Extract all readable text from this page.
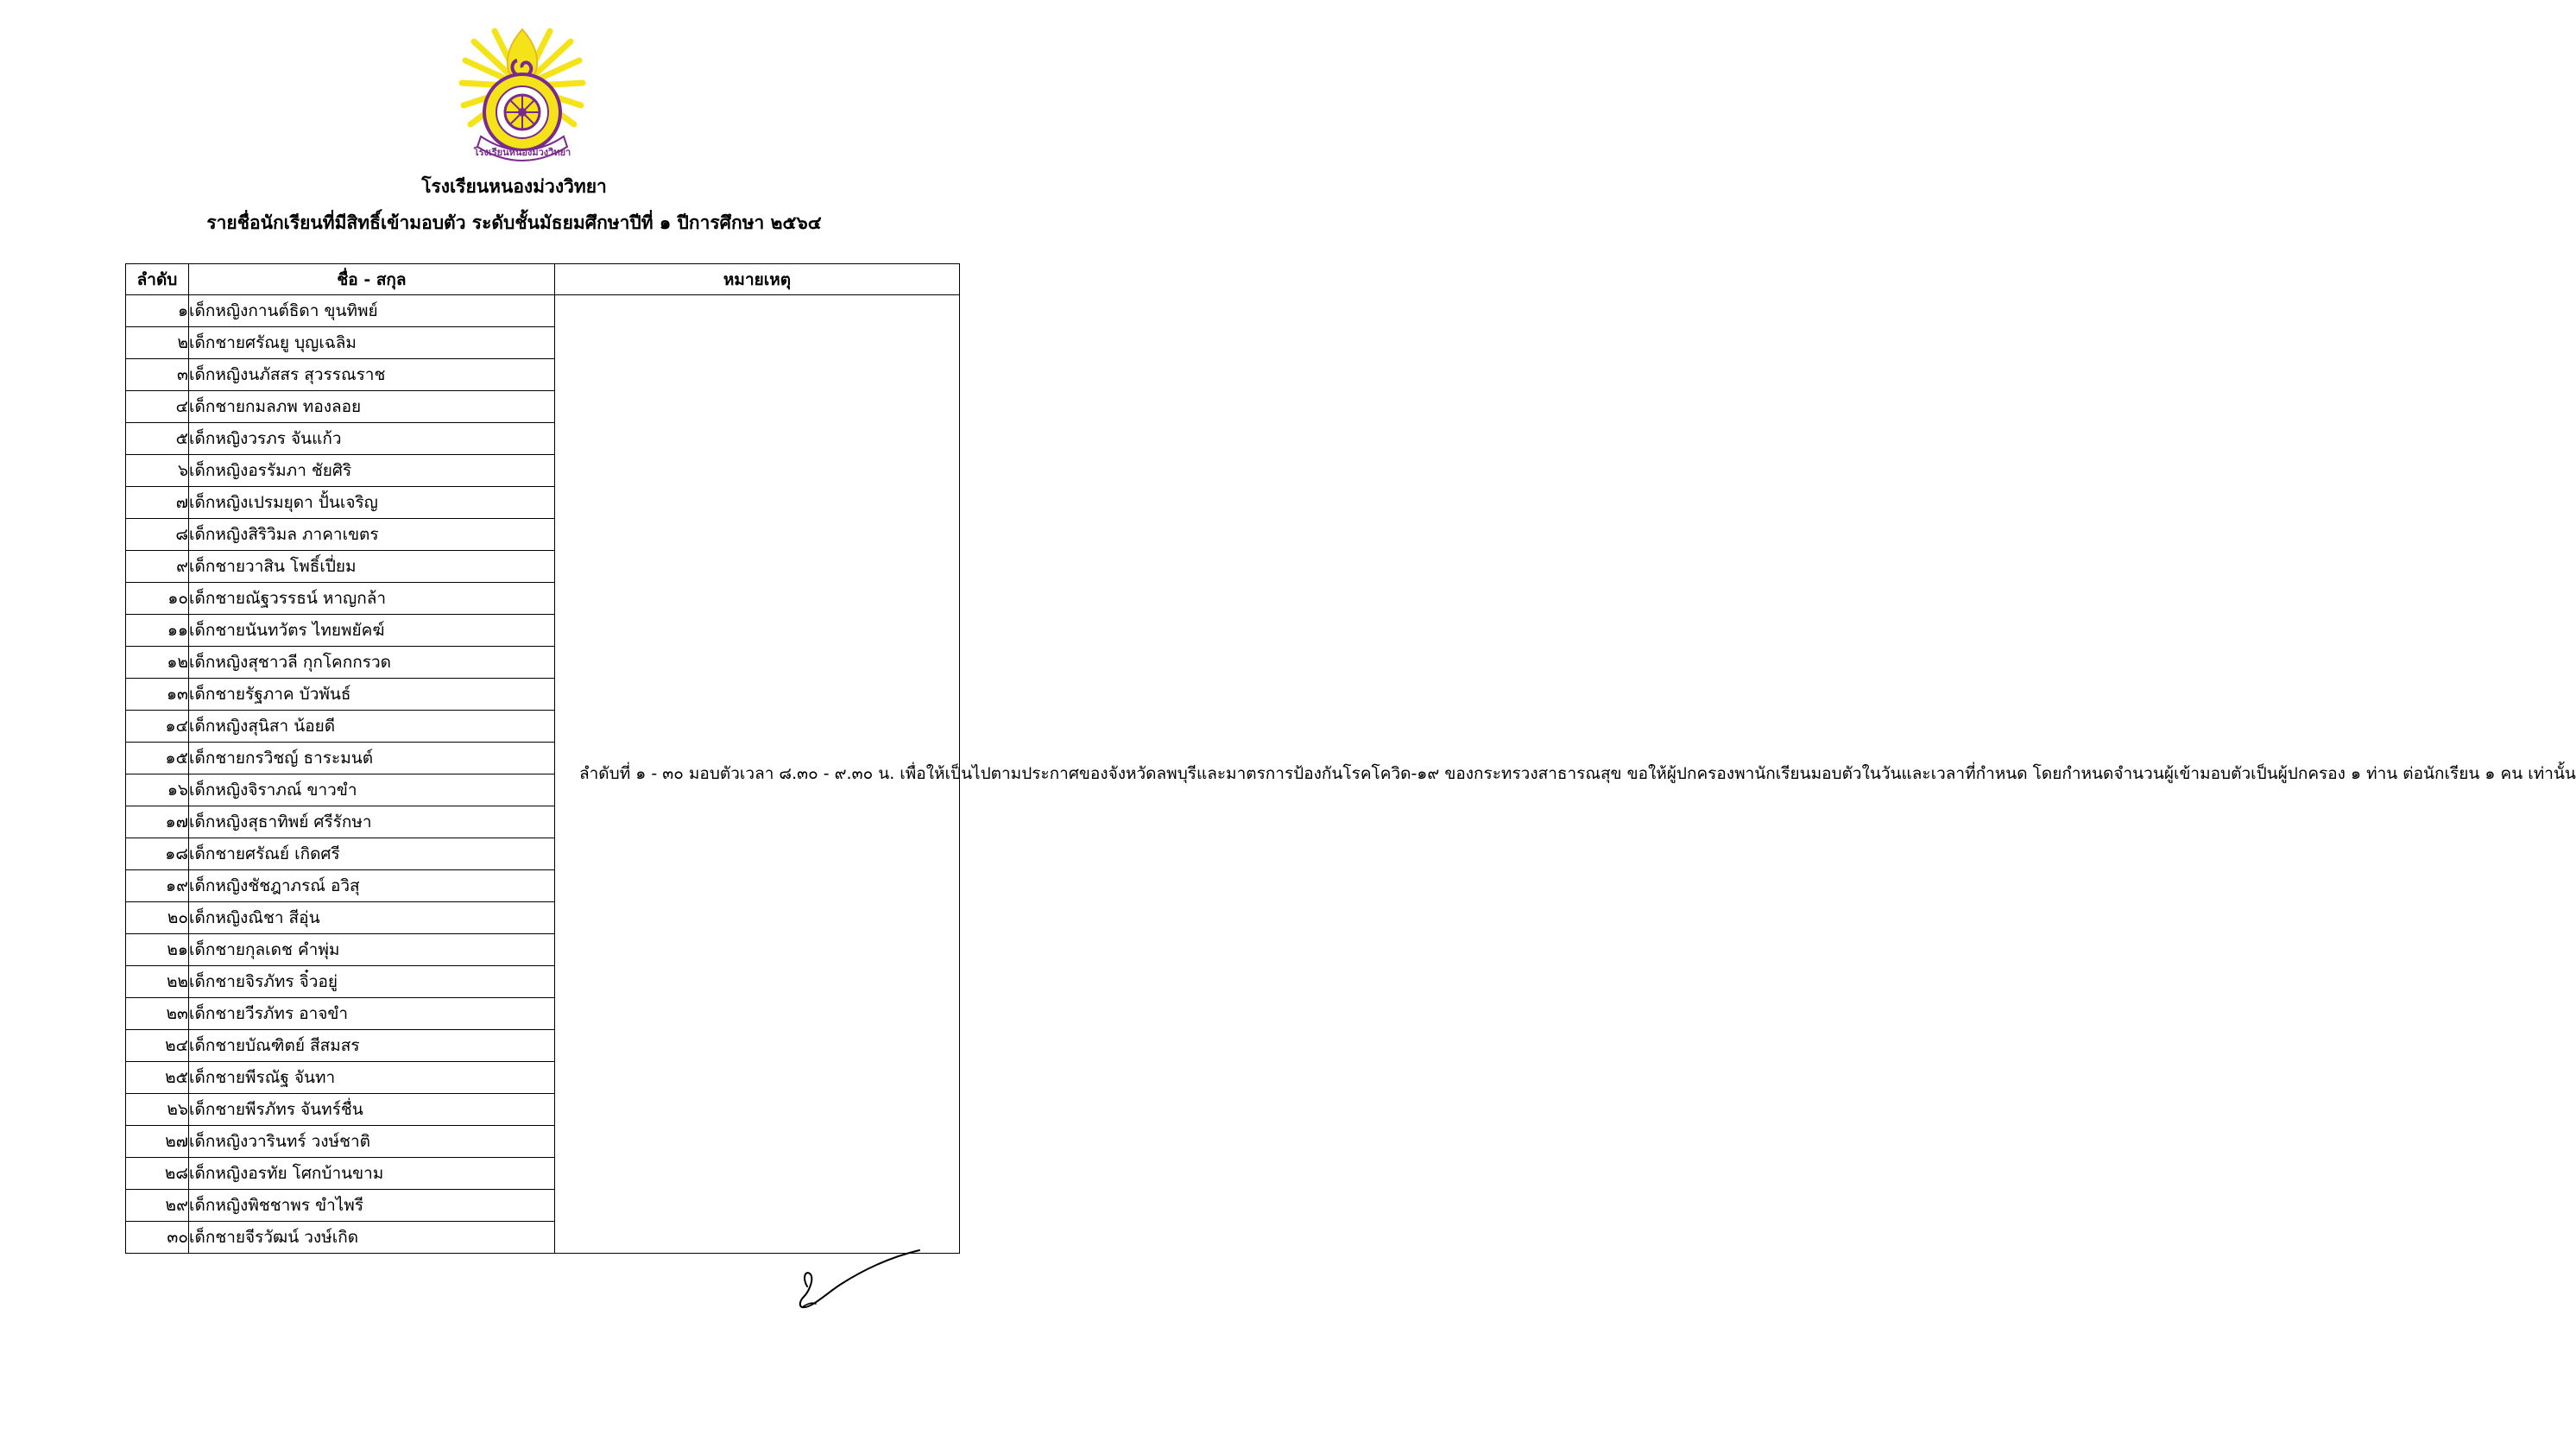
โรงเรียนหนองม่วงวิทยา
โรงเรียนหนองม่วงวิทยา
รายชื่อนักเรียนที่มีสิทธิ์เข้ามอบตัว ระดับชั้นมัธยมศึกษาปีที่ ๑ ปีการศึกษา ๒๕๖๔
ลำดับ	ชื่อ - สกุล	หมายเหตุ
๑	เด็กหญิงกานต์ธิดา ขุนทิพย์	ลำดับที่ ๑ - ๓๐ มอบตัวเวลา ๘.๓๐ - ๙.๓๐ น. เพื่อให้เป็นไปตามประกาศของจังหวัดลพบุรีและมาตรการป้องกันโรคโควิด-๑๙ ของกระทรวงสาธารณสุข ขอให้ผู้ปกครองพานักเรียนมอบตัวในวันและเวลาที่กำหนด โดยกำหนดจำนวนผู้เข้ามอบตัวเป็นผู้ปกครอง ๑ ท่าน ต่อนักเรียน ๑ คน เท่านั้น

๒	เด็กชายศรัณยู บุญเฉลิม	
๓	เด็กหญิงนภัสสร สุวรรณราช	
๔	เด็กชายกมลภพ ทองลอย	
๕	เด็กหญิงวรภร จันแก้ว	
๖	เด็กหญิงอรรัมภา ชัยศิริ	
๗	เด็กหญิงเปรมยุดา ปั้นเจริญ	
๘	เด็กหญิงสิริวิมล ภาคาเขตร	
๙	เด็กชายวาสิน โพธิ์เปี่ยม	
๑๐	เด็กชายณัฐวรรธน์ หาญกล้า	
๑๑	เด็กชายนันทวัตร ไทยพยัคฆ์	
๑๒	เด็กหญิงสุชาวลี กุกโคกกรวด	
๑๓	เด็กชายรัฐภาค บัวพันธ์	
๑๔	เด็กหญิงสุนิสา น้อยดี	
๑๕	เด็กชายกรวิชญ์ ธาระมนต์	
๑๖	เด็กหญิงจิราภณ์ ขาวขำ	
๑๗	เด็กหญิงสุธาทิพย์ ศรีรักษา	
๑๘	เด็กชายศรัณย์ เกิดศรี	
๑๙	เด็กหญิงชัชฎาภรณ์ อวิสุ	
๒๐	เด็กหญิงณิชา สีอุ่น	
๒๑	เด็กชายกุลเดช คำพุ่ม	
๒๒	เด็กชายจิรภัทร จิ๋วอยู่	
๒๓	เด็กชายวีรภัทร อาจขำ	
๒๔	เด็กชายบัณฑิตย์ สีสมสร	
๒๕	เด็กชายพีรณัฐ จันทา	
๒๖	เด็กชายพีรภัทร จันทร์ชื่น	
๒๗	เด็กหญิงวารินทร์ วงษ์ชาติ	
๒๘	เด็กหญิงอรทัย โศกบ้านขาม	
๒๙	เด็กหญิงพิชชาพร ขำไพรี	
๓๐	เด็กชายจีรวัฒน์ วงษ์เกิด	
